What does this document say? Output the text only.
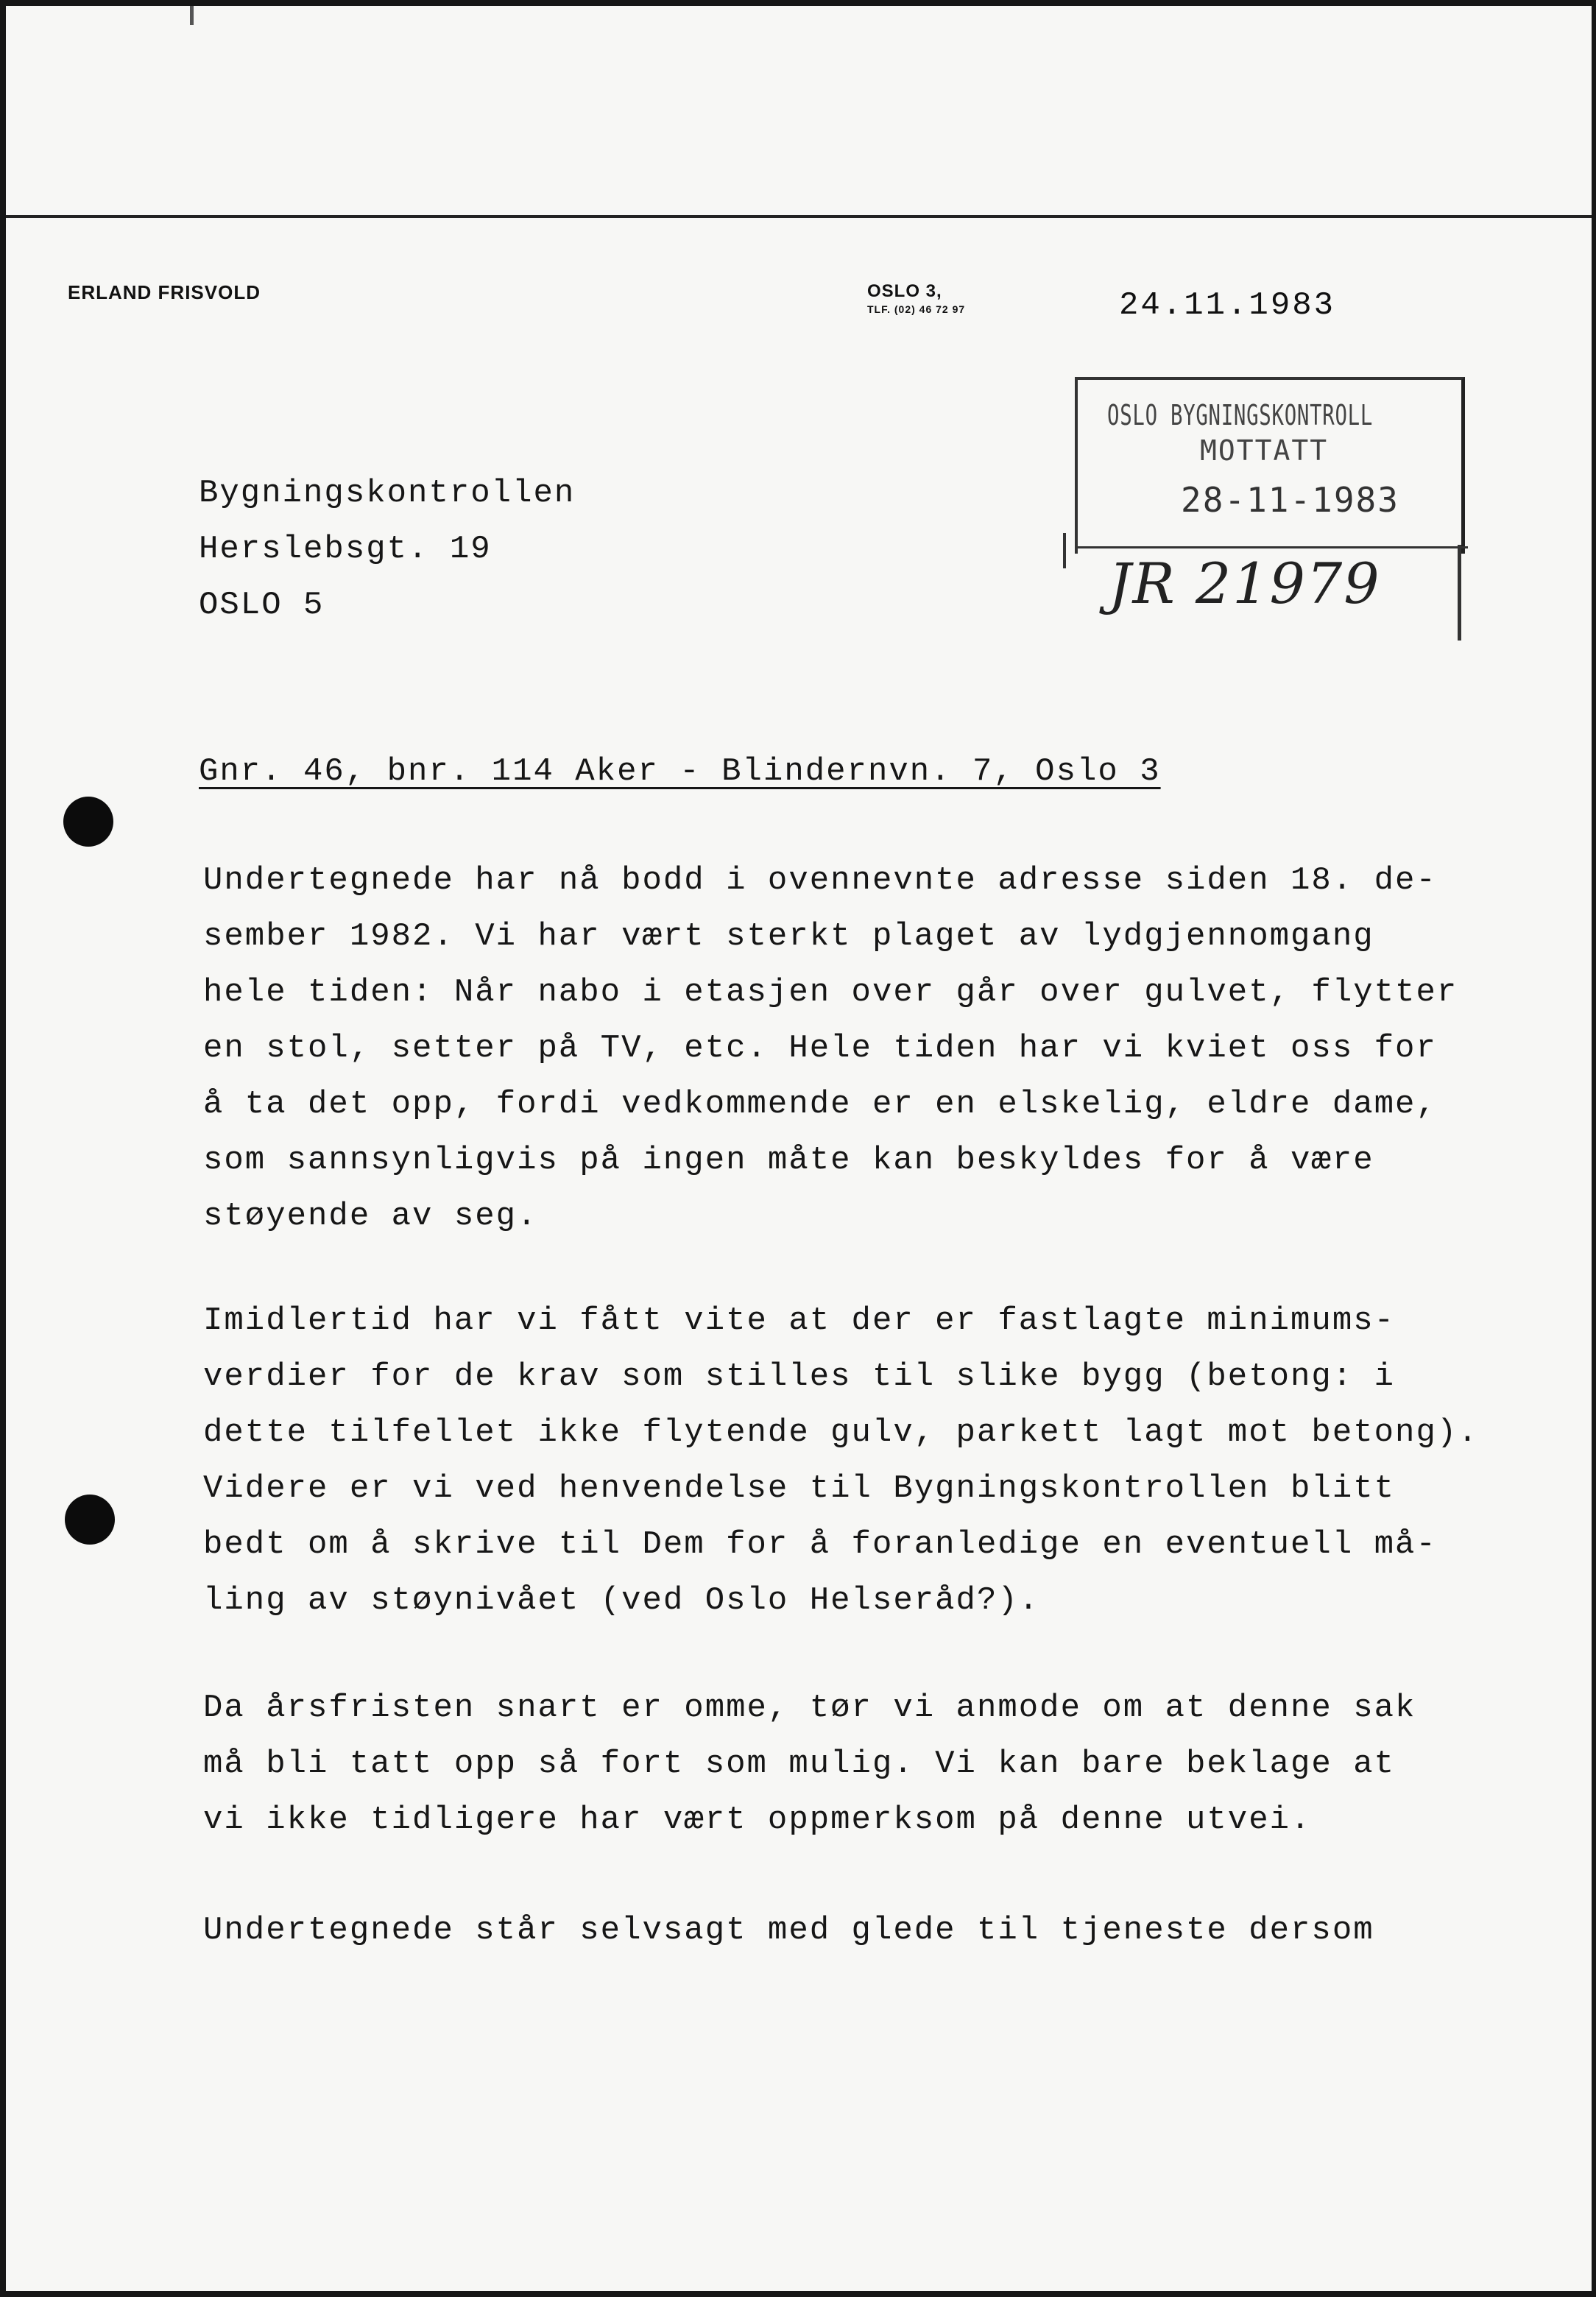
ERLAND FRISVOLD	OSLO 3,
TLF. (02) 46 72 97	24.11.1983
OSLO BYGNINGSKONTROLL
MOTTATT
28-11-1983
JR 21979
Bygningskontrollen
Herslebsgt. 19
OSLO 5
Gnr. 46, bnr. 114 Aker - Blindernvn. 7, Oslo 3
Undertegnede har nå bodd i ovennevnte adresse siden 18. de-
sember 1982. Vi har vært sterkt plaget av lydgjennomgang
hele tiden: Når nabo i etasjen over går over gulvet, flytter
en stol, setter på TV, etc. Hele tiden har vi kviet oss for
å ta det opp, fordi vedkommende er en elskelig, eldre dame,
som sannsynligvis på ingen måte kan beskyldes for å være
støyende av seg.
Imidlertid har vi fått vite at der er fastlagte minimums-
verdier for de krav som stilles til slike bygg (betong: i
dette tilfellet ikke flytende gulv, parkett lagt mot betong).
Videre er vi ved henvendelse til Bygningskontrollen blitt
bedt om å skrive til Dem for å foranledige en eventuell må-
ling av støynivået (ved Oslo Helseråd?).
Da årsfristen snart er omme, tør vi anmode om at denne sak
må bli tatt opp så fort som mulig. Vi kan bare beklage at
vi ikke tidligere har vært oppmerksom på denne utvei.
Undertegnede står selvsagt med glede til tjeneste dersom
